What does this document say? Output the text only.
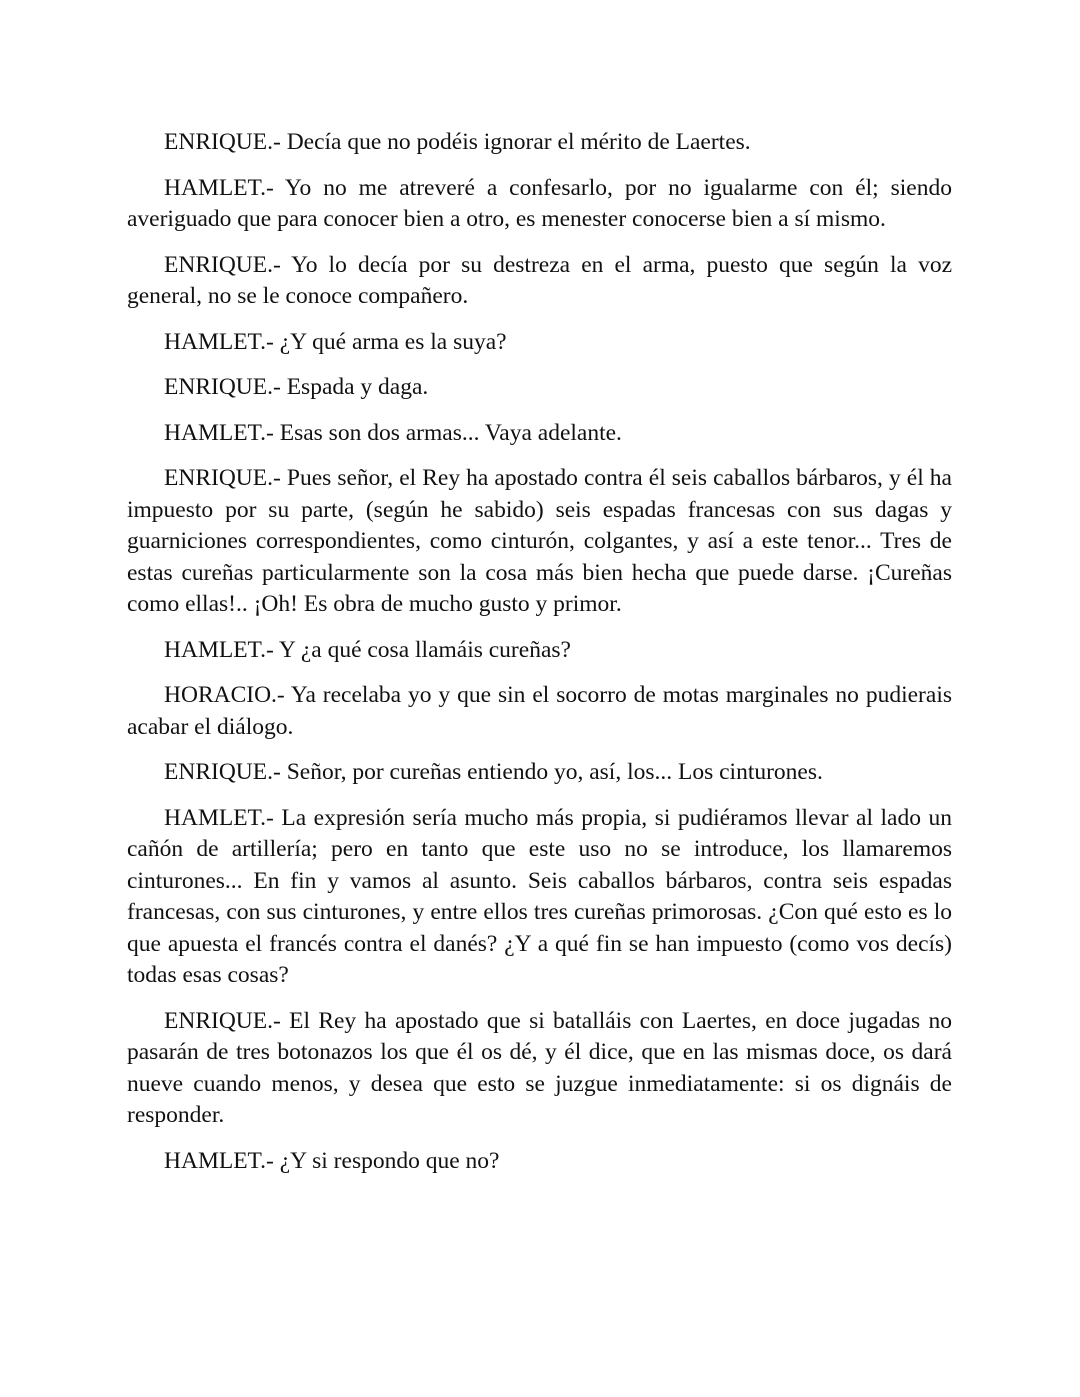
ENRIQUE.- Decía que no podéis ignorar el mérito de Laertes.

HAMLET.- Yo no me atreveré a confesarlo, por no igualarme con él; siendo averiguado que para conocer bien a otro, es menester conocerse bien a sí mismo.

ENRIQUE.- Yo lo decía por su destreza en el arma, puesto que según la voz general, no se le conoce compañero.

HAMLET.- ¿Y qué arma es la suya?

ENRIQUE.- Espada y daga.

HAMLET.- Esas son dos armas... Vaya adelante.

ENRIQUE.- Pues señor, el Rey ha apostado contra él seis caballos bárbaros, y él ha impuesto por su parte, (según he sabido) seis espadas francesas con sus dagas y guarniciones correspondientes, como cinturón, colgantes, y así a este tenor... Tres de estas cureñas particularmente son la cosa más bien hecha que puede darse. ¡Cureñas como ellas!.. ¡Oh! Es obra de mucho gusto y primor.

HAMLET.- Y ¿a qué cosa llamáis cureñas?

HORACIO.- Ya recelaba yo y que sin el socorro de motas marginales no pudierais acabar el diálogo.

ENRIQUE.- Señor, por cureñas entiendo yo, así, los... Los cinturones.

HAMLET.- La expresión sería mucho más propia, si pudiéramos llevar al lado un cañón de artillería; pero en tanto que este uso no se introduce, los llamaremos cinturones... En fin y vamos al asunto. Seis caballos bárbaros, contra seis espadas francesas, con sus cinturones, y entre ellos tres cureñas primorosas. ¿Con qué esto es lo que apuesta el francés contra el danés? ¿Y a qué fin se han impuesto (como vos decís) todas esas cosas?

ENRIQUE.- El Rey ha apostado que si batalláis con Laertes, en doce jugadas no pasarán de tres botonazos los que él os dé, y él dice, que en las mismas doce, os dará nueve cuando menos, y desea que esto se juzgue inmediatamente: si os dignáis de responder.

HAMLET.- ¿Y si respondo que no?
